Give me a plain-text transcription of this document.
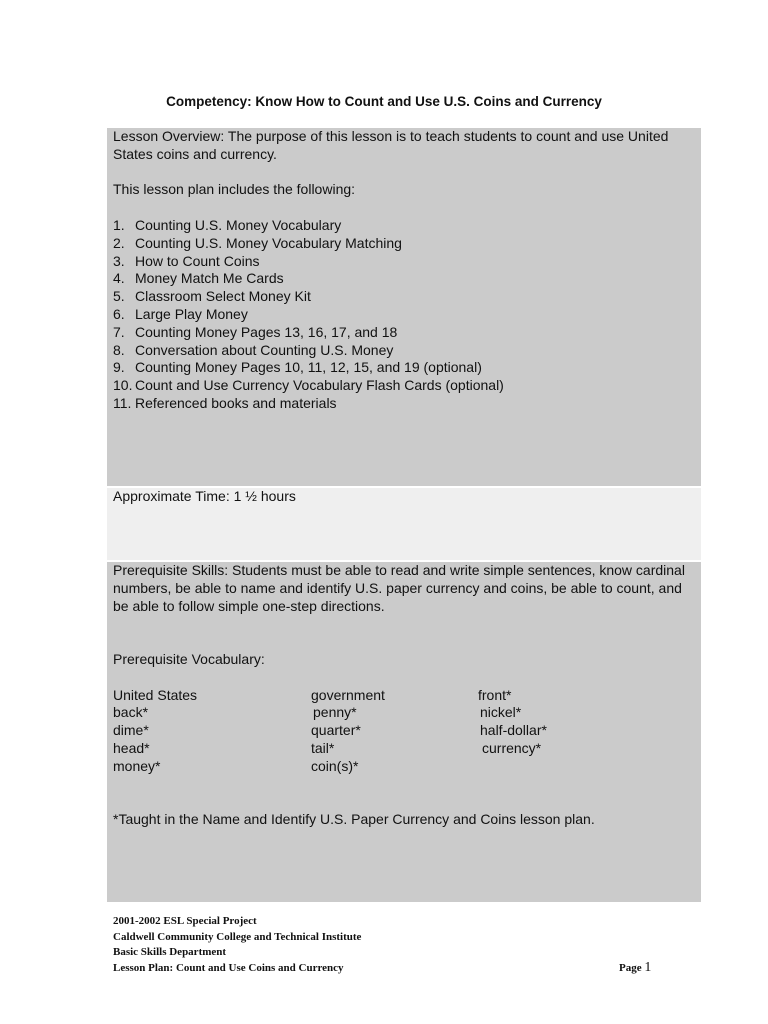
Competency: Know How to Count and Use U.S. Coins and Currency

Lesson Overview: The purpose of this lesson is to teach students to count and use United States coins and currency.

This lesson plan includes the following:

1. Counting U.S. Money Vocabulary
2. Counting U.S. Money Vocabulary Matching
3. How to Count Coins
4. Money Match Me Cards
5. Classroom Select Money Kit
6. Large Play Money
7. Counting Money Pages 13, 16, 17, and 18
8. Conversation about Counting U.S. Money
9. Counting Money Pages 10, 11, 12, 15, and 19 (optional)
10. Count and Use Currency Vocabulary Flash Cards (optional)
11. Referenced books and materials

Approximate Time: 1 ½ hours

Prerequisite Skills: Students must be able to read and write simple sentences, know cardinal numbers, be able to name and identify U.S. paper currency and coins, be able to count, and be able to follow simple one-step directions.

Prerequisite Vocabulary:

United States	government	front*
back*	penny*	nickel*
dime*	quarter*	half-dollar*
head*	tail*	currency*
money*	coin(s)*

*Taught in the Name and Identify U.S. Paper Currency and Coins lesson plan.

2001-2002 ESL Special Project
Caldwell Community College and Technical Institute
Basic Skills Department
Lesson Plan: Count and Use Coins and Currency	Page 1
